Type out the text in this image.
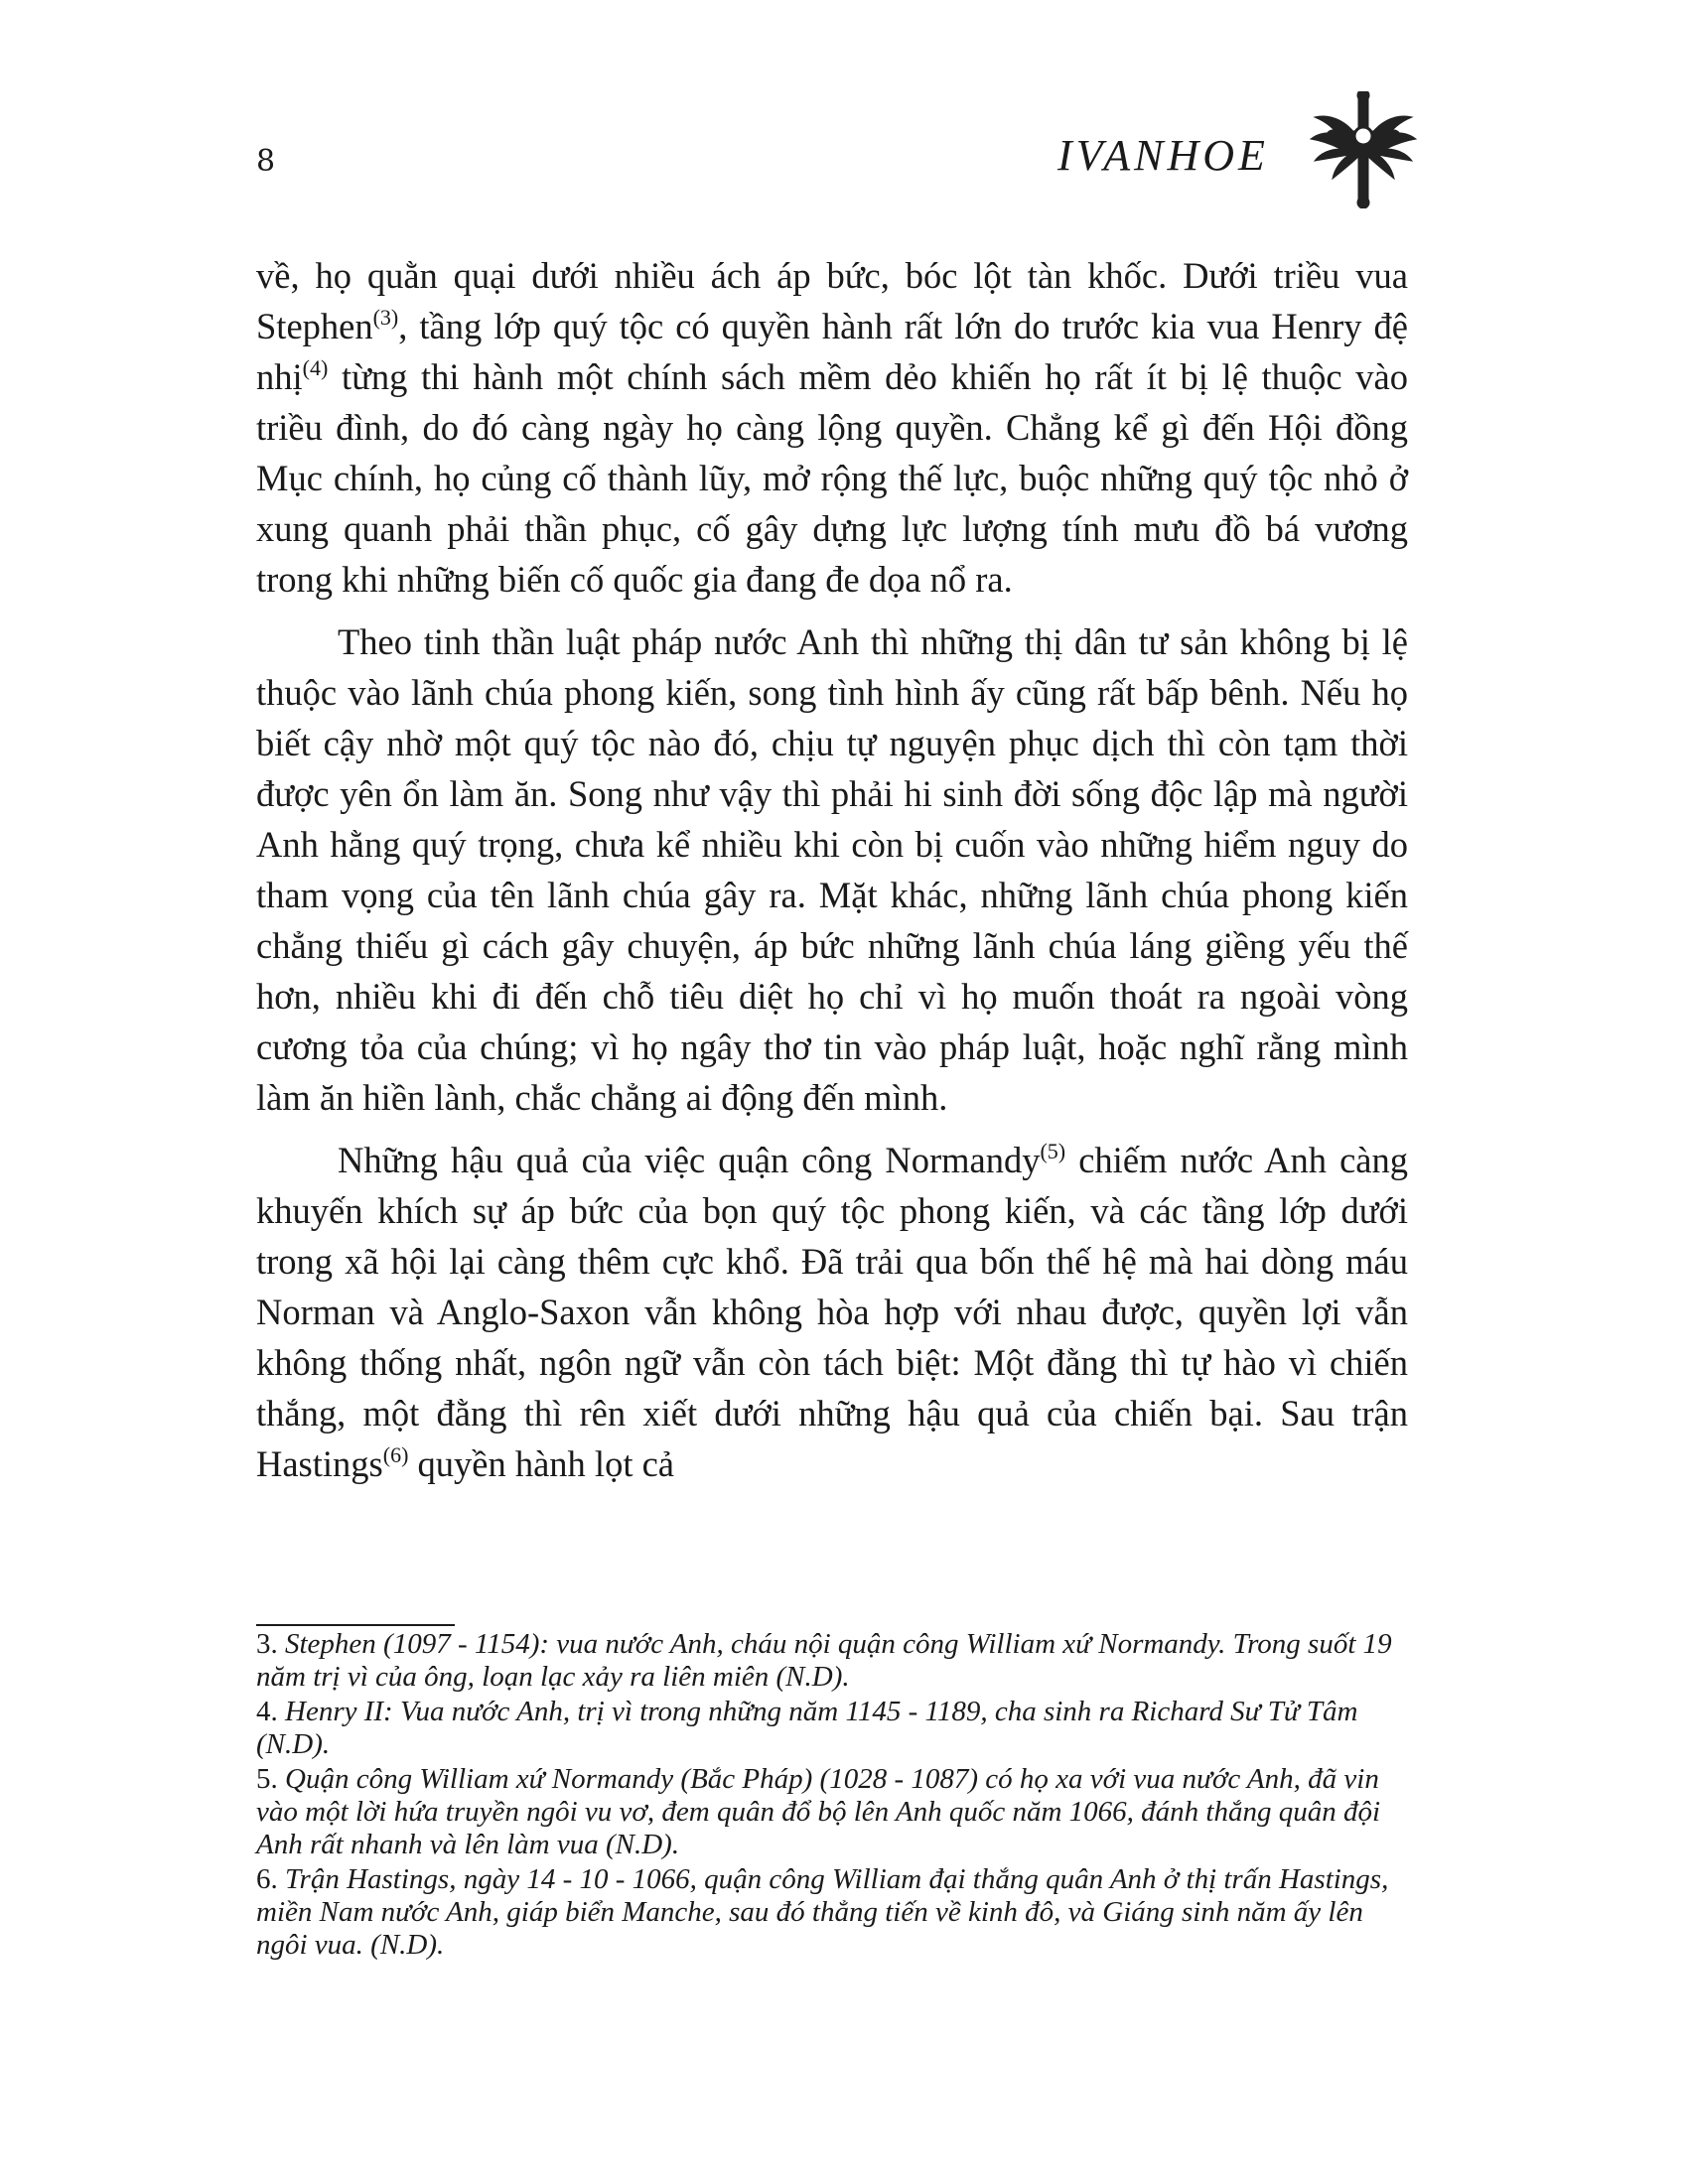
8	IVANHOE

về, họ quằn quại dưới nhiều ách áp bức, bóc lột tàn khốc. Dưới triều vua Stephen$^{(3)}$, tầng lớp quý tộc có quyền hành rất lớn do trước kia vua Henry đệ nhị$^{(4)}$ từng thi hành một chính sách mềm dẻo khiến họ rất ít bị lệ thuộc vào triều đình, do đó càng ngày họ càng lộng quyền. Chẳng kể gì đến Hội đồng Mục chính, họ củng cố thành lũy, mở rộng thế lực, buộc những quý tộc nhỏ ở xung quanh phải thần phục, cố gây dựng lực lượng tính mưu đồ bá vương trong khi những biến cố quốc gia đang đe dọa nổ ra.

Theo tinh thần luật pháp nước Anh thì những thị dân tư sản không bị lệ thuộc vào lãnh chúa phong kiến, song tình hình ấy cũng rất bấp bênh. Nếu họ biết cậy nhờ một quý tộc nào đó, chịu tự nguyện phục dịch thì còn tạm thời được yên ổn làm ăn. Song như vậy thì phải hi sinh đời sống độc lập mà người Anh hằng quý trọng, chưa kể nhiều khi còn bị cuốn vào những hiểm nguy do tham vọng của tên lãnh chúa gây ra. Mặt khác, những lãnh chúa phong kiến chẳng thiếu gì cách gây chuyện, áp bức những lãnh chúa láng giềng yếu thế hơn, nhiều khi đi đến chỗ tiêu diệt họ chỉ vì họ muốn thoát ra ngoài vòng cương tỏa của chúng; vì họ ngây thơ tin vào pháp luật, hoặc nghĩ rằng mình làm ăn hiền lành, chắc chẳng ai động đến mình.

Những hậu quả của việc quận công Normandy$^{(5)}$ chiếm nước Anh càng khuyến khích sự áp bức của bọn quý tộc phong kiến, và các tầng lớp dưới trong xã hội lại càng thêm cực khổ. Đã trải qua bốn thế hệ mà hai dòng máu Norman và Anglo-Saxon vẫn không hòa hợp với nhau được, quyền lợi vẫn không thống nhất, ngôn ngữ vẫn còn tách biệt: Một đằng thì tự hào vì chiến thắng, một đằng thì rên xiết dưới những hậu quả của chiến bại. Sau trận Hastings$^{(6)}$ quyền hành lọt cả

3. Stephen (1097 - 1154): vua nước Anh, cháu nội quận công William xứ Normandy. Trong suốt 19 năm trị vì của ông, loạn lạc xảy ra liên miên (N.D).
4. Henry II: Vua nước Anh, trị vì trong những năm 1145 - 1189, cha sinh ra Richard Sư Tử Tâm (N.D).
5. Quận công William xứ Normandy (Bắc Pháp) (1028 - 1087) có họ xa với vua nước Anh, đã vin vào một lời hứa truyền ngôi vu vơ, đem quân đổ bộ lên Anh quốc năm 1066, đánh thắng quân đội Anh rất nhanh và lên làm vua (N.D).
6. Trận Hastings, ngày 14 - 10 - 1066, quận công William đại thắng quân Anh ở thị trấn Hastings, miền Nam nước Anh, giáp biển Manche, sau đó thẳng tiến về kinh đô, và Giáng sinh năm ấy lên ngôi vua. (N.D).
